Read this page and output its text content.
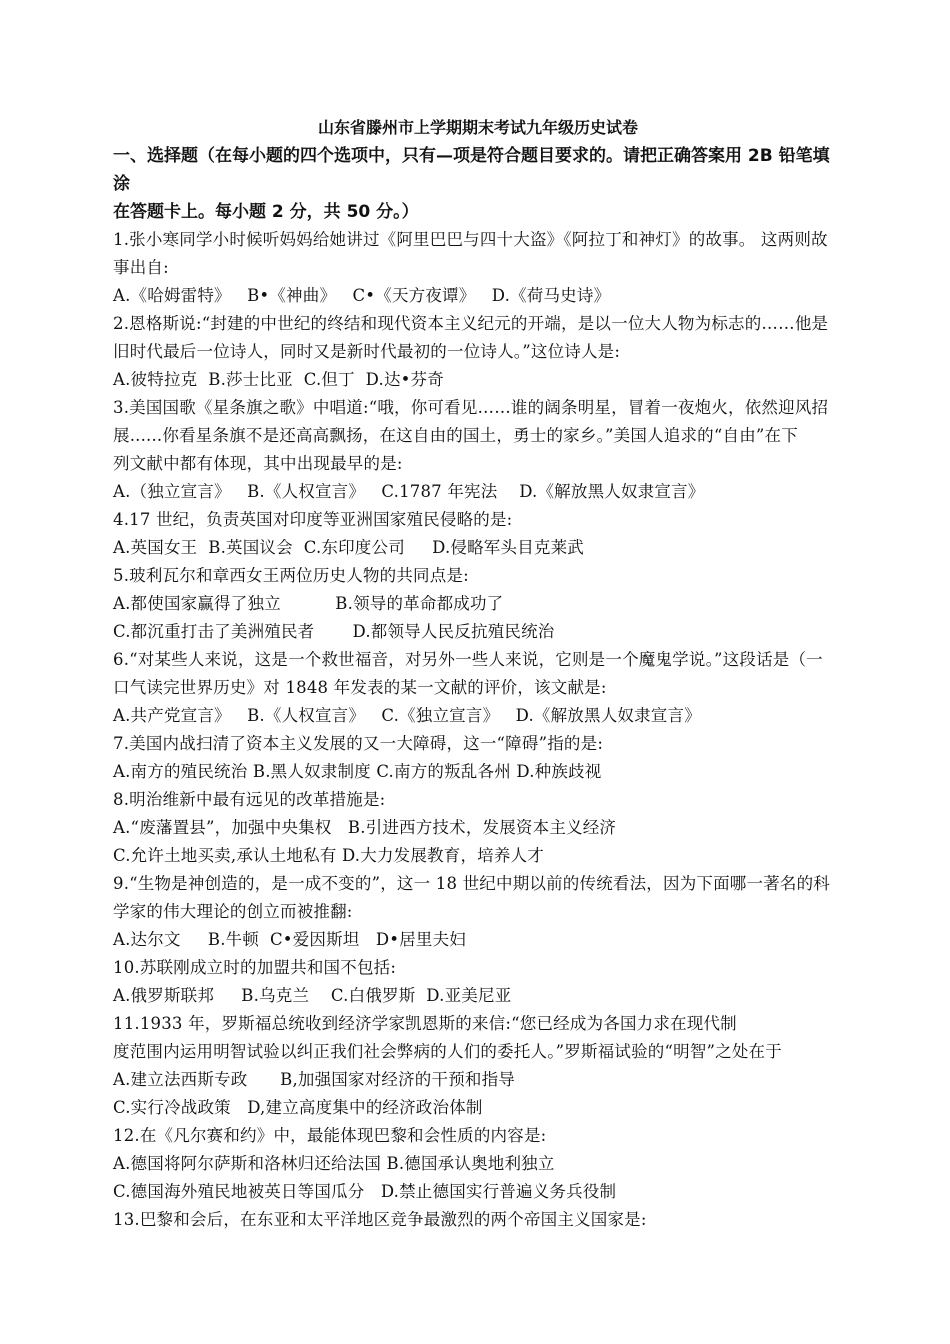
山东省滕州市上学期期末考试九年级历史试卷
一、选择题（在每小题的四个选项中，只有—项是符合题目要求的。请把正确答案用 2B 铅笔填涂
在答题卡上。每小题 2 分，共 50 分。）
1.张小寒同学小时候听妈妈给她讲过《阿里巴巴与四十大盗》《阿拉丁和神灯》的故事。 这两则故
事出自:
A.《哈姆雷特》   B•《神曲》   C•《天方夜谭》   D.《荷马史诗》
2.恩格斯说:“封建的中世纪的终结和现代资本主义纪元的开端，是以一位大人物为标志的……他是
旧时代最后一位诗人，同时又是新时代最初的一位诗人。”这位诗人是:
A.彼特拉克  B.莎士比亚  C.但丁  D.达•芬奇
3.美国国歌《星条旗之歌》中唱道:“哦，你可看见……谁的阔条明星，冒着一夜炮火，依然迎风招
展......你看星条旗不是还高高飘扬，在这自由的国土，勇士的家乡。”美国人追求的“自由”在下
列文献中都有体现，其中出现最早的是:
A.（独立宣言》   B.《人权宣言》   C.1787 年宪法    D.《解放黑人奴隶宣言》
4.17 世纪，负责英国对印度等亚洲国家殖民侵略的是:
A.英国女王  B.英国议会  C.东印度公司     D.侵略军头目克莱武
5.玻利瓦尔和章西女王两位历史人物的共同点是:
A.都使国家赢得了独立          B.领导的革命都成功了
C.都沉重打击了美洲殖民者       D.都领导人民反抗殖民统治
6.“对某些人来说，这是一个救世福音，对另外一些人来说，它则是一个魔鬼学说。”这段话是（一
口气读完世界历史》对 1848 年发表的某一文献的评价，该文献是:
A.共产党宣言》   B.《人权宣言》   C.《独立宣言》   D.《解放黑人奴隶宣言》
7.美国内战扫清了资本主义发展的又一大障碍，这一“障碍”指的是:
A.南方的殖民统治 B.黑人奴隶制度 C.南方的叛乱各州 D.种族歧视
8.明治维新中最有远见的改革措施是:
A.“废藩置县”，加强中央集权   B.引进西方技术，发展资本主义经济
C.允许土地买卖,承认土地私有 D.大力发展教育，培养人才
9.“生物是神创造的，是一成不变的”，这一 18 世纪中期以前的传统看法，因为下面哪一著名的科
学家的伟大理论的创立而被推翻:
A.达尔文     B.牛顿  C•爱因斯坦   D•居里夫妇
10.苏联刚成立时的加盟共和国不包括:
A.俄罗斯联邦     B.乌克兰    C.白俄罗斯  D.亚美尼亚
11.1933 年，罗斯福总统收到经济学家凯恩斯的来信:“您已经成为各国力求在现代制
度范围内运用明智试验以纠正我们社会弊病的人们的委托人。”罗斯福试验的“明智”之处在于
A.建立法西斯专政      B,加强国家对经济的干预和指导
C.实行冷战政策   D,建立高度集中的经济政治体制
12.在《凡尔赛和约》中，最能体现巴黎和会性质的内容是:
A.德国将阿尔萨斯和洛林归还给法国 B.德国承认奥地利独立
C.德国海外殖民地被英日等国瓜分   D.禁止德国实行普遍义务兵役制
13.巴黎和会后，在东亚和太平洋地区竞争最激烈的两个帝国主义国家是:
